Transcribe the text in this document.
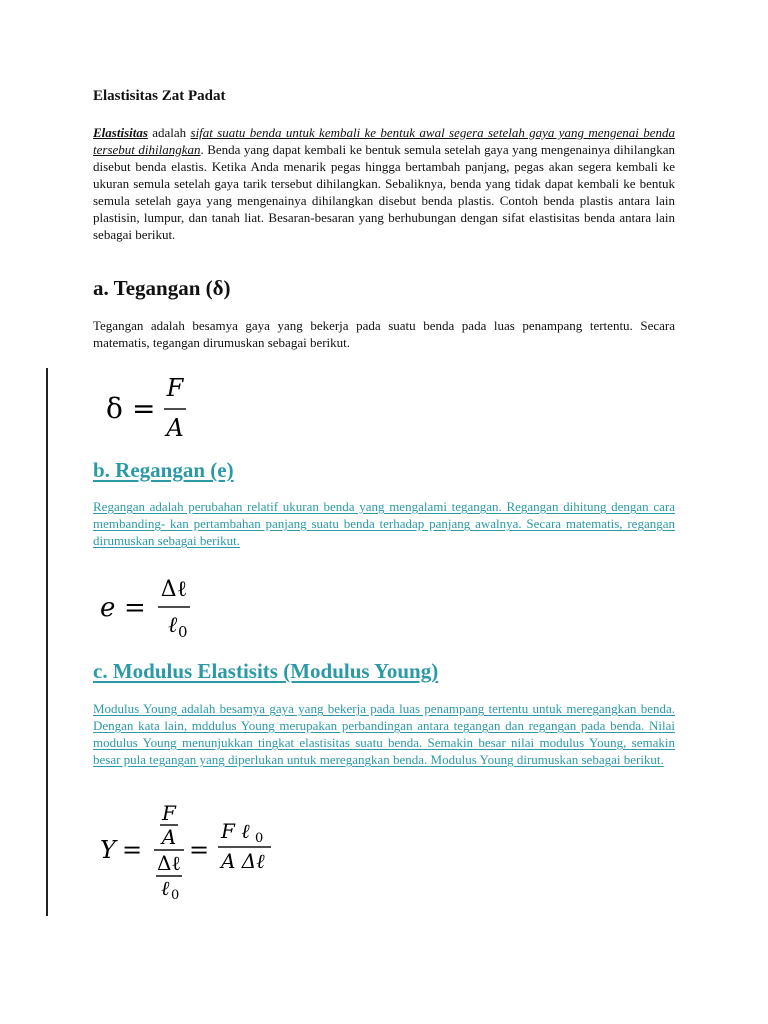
Elastisitas Zat Padat

Elastisitas adalah sifat suatu benda untuk kembali ke bentuk awal segera setelah gaya yang mengenai benda tersebut dihilangkan. Benda yang dapat kembali ke bentuk semula setelah gaya yang mengenainya dihilangkan disebut benda elastis. Ketika Anda menarik pegas hingga bertambah panjang, pegas akan segera kembali ke ukuran semula setelah gaya tarik tersebut dihilangkan. Sebaliknya, benda yang tidak dapat kembali ke bentuk semula setelah gaya yang mengenainya dihilangkan disebut benda plastis. Contoh benda plastis antara lain plastisin, lumpur, dan tanah liat. Besaran-besaran yang berhubungan dengan sifat elastisitas benda antara lain sebagai berikut.

a. Tegangan (δ)

Tegangan adalah besamya gaya yang bekerja pada suatu benda pada luas penampang tertentu. Secara matematis, tegangan dirumuskan sebagai berikut.

δ =
F
A
b. Regangan (e)

Regangan adalah perubahan relatif ukuran benda yang mengalami tegangan. Regangan dihitung dengan cara membanding- kan pertambahan panjang suatu benda terhadap panjang awalnya. Secara matematis, regangan dirumuskan sebagai berikut.

e =
Δℓ
ℓ 0
c. Modulus Elastisits (Modulus Young)

Modulus Young adalah besamya gaya yang bekerja pada luas penampang tertentu untuk meregangkan benda. Dengan kata lain, mddulus Young merupakan perbandingan antara tegangan dan regangan pada benda. Nilai modulus Young menunjukkan tingkat elastisitas suatu benda. Semakin besar nilai modulus Young, semakin besar pula tegangan yang diperlukan untuk meregangkan benda. Modulus Young dirumuskan sebagai berikut.

Y =
F
A
Δℓ
ℓ 0
=
F ℓ 0
A Δℓ
